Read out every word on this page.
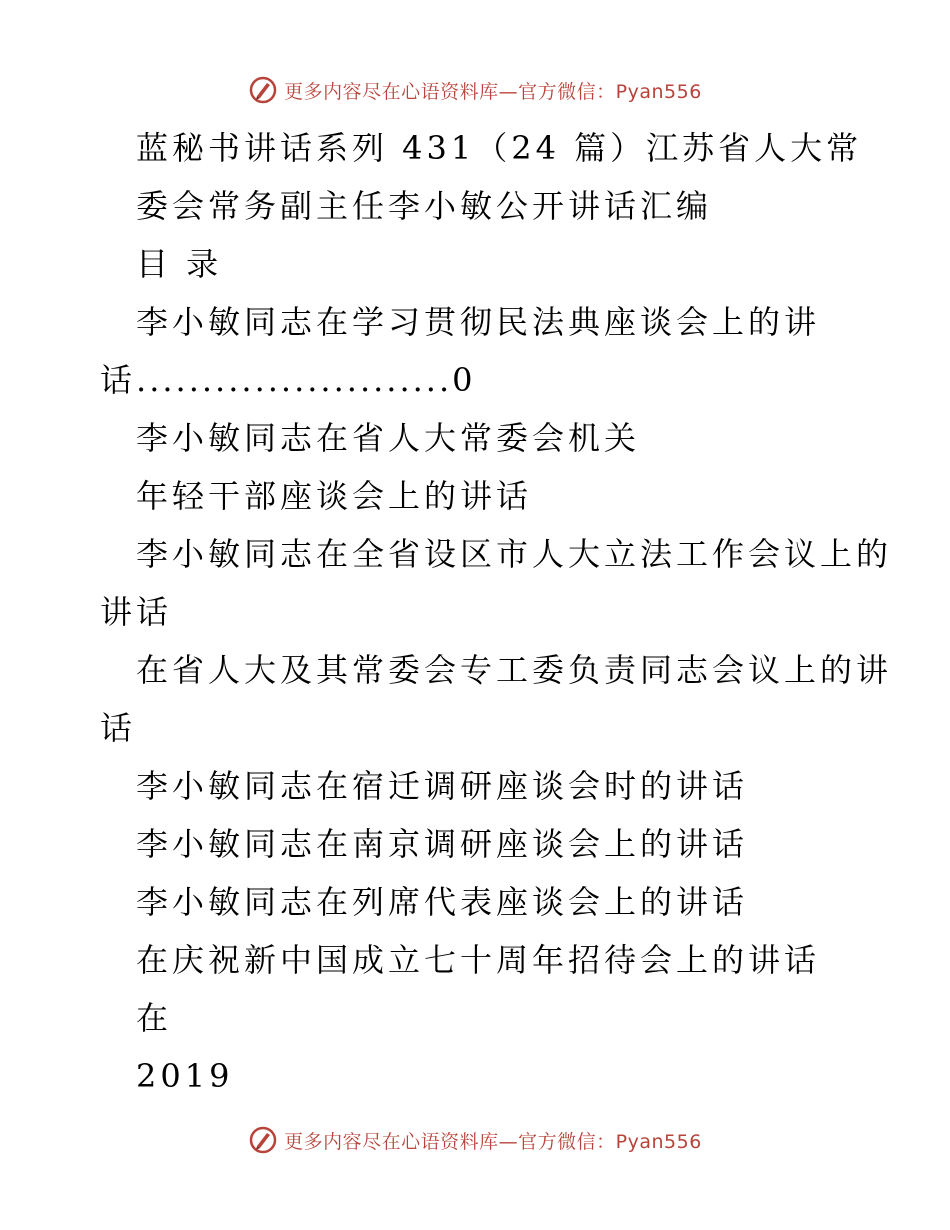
更多内容尽在心语资料库—官方微信：Pyan556
蓝秘书讲话系列 431（24 篇）江苏省人大常
委会常务副主任李小敏公开讲话汇编
目 录
李小敏同志在学习贯彻民法典座谈会上的讲
话........................0
李小敏同志在省人大常委会机关
年轻干部座谈会上的讲话
李小敏同志在全省设区市人大立法工作会议上的
讲话
在省人大及其常委会专工委负责同志会议上的讲
话
李小敏同志在宿迁调研座谈会时的讲话
李小敏同志在南京调研座谈会上的讲话
李小敏同志在列席代表座谈会上的讲话
在庆祝新中国成立七十周年招待会上的讲话
在
2019
更多内容尽在心语资料库—官方微信：Pyan556
